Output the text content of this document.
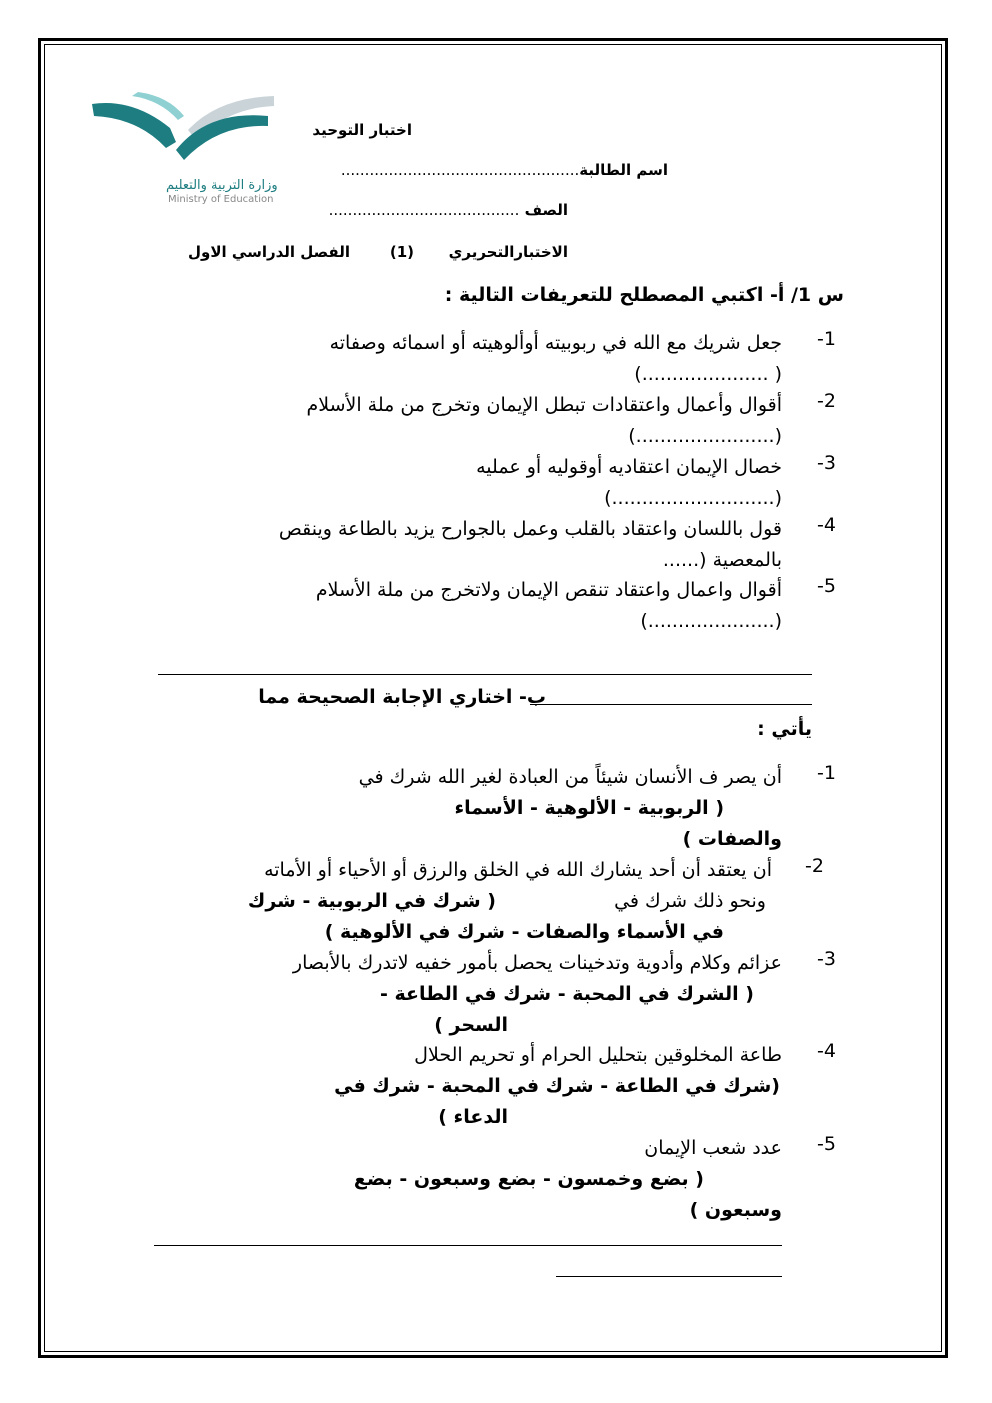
وزارة التربية والتعليم
Ministry of Education
اختبار التوحيد
اسم الطالبة..................................................
الصف ........................................
الاختبارالتحريري
(1)
الفصل الدراسي الاول
س 1/ أ- اكتبي المصطلح للتعريفات التالية :
-1
جعل شريك مع الله في ربوبيته أوألوهيته أو اسمائه وصفاته
( .....................)
-2
أقوال وأعمال واعتقادات تبطل الإيمان وتخرج من ملة الأسلام
(.......................)
-3
خصال الإيمان اعتقاديه أوقوليه أو عمليه
(...........................)
-4
قول باللسان واعتقاد بالقلب وعمل بالجوارح يزيد بالطاعة وينقص
بالمعصية (......
-5
أقوال واعمال واعتقاد تنقص الإيمان ولاتخرج من ملة الأسلام
(.....................)
ب- اختاري الإجابة الصحيحة مما
يأتي :
-1
أن يصر ف الأنسان شيئاً من العبادة لغير الله شرك في
( الربوبية - الألوهية - الأسماء
والصفات )
-2
أن يعتقد أن أحد يشارك الله في الخلق والرزق أو الأحياء أو الأماته
ونحو ذلك شرك في
( شرك في الربوبية - شرك
في الأسماء والصفات - شرك في الألوهية )
-3
عزائم وكلام وأدوية وتدخينات يحصل بأمور خفيه لاتدرك بالأبصار
( الشرك في المحبة - شرك في الطاعة -
السحر )
-4
طاعة المخلوقين بتحليل الحرام أو تحريم الحلال
(شرك في الطاعة - شرك في المحبة - شرك في
الدعاء )
-5
عدد شعب الإيمان
( بضع وخمسون - بضع وسبعون - بضع
وسبعون )
